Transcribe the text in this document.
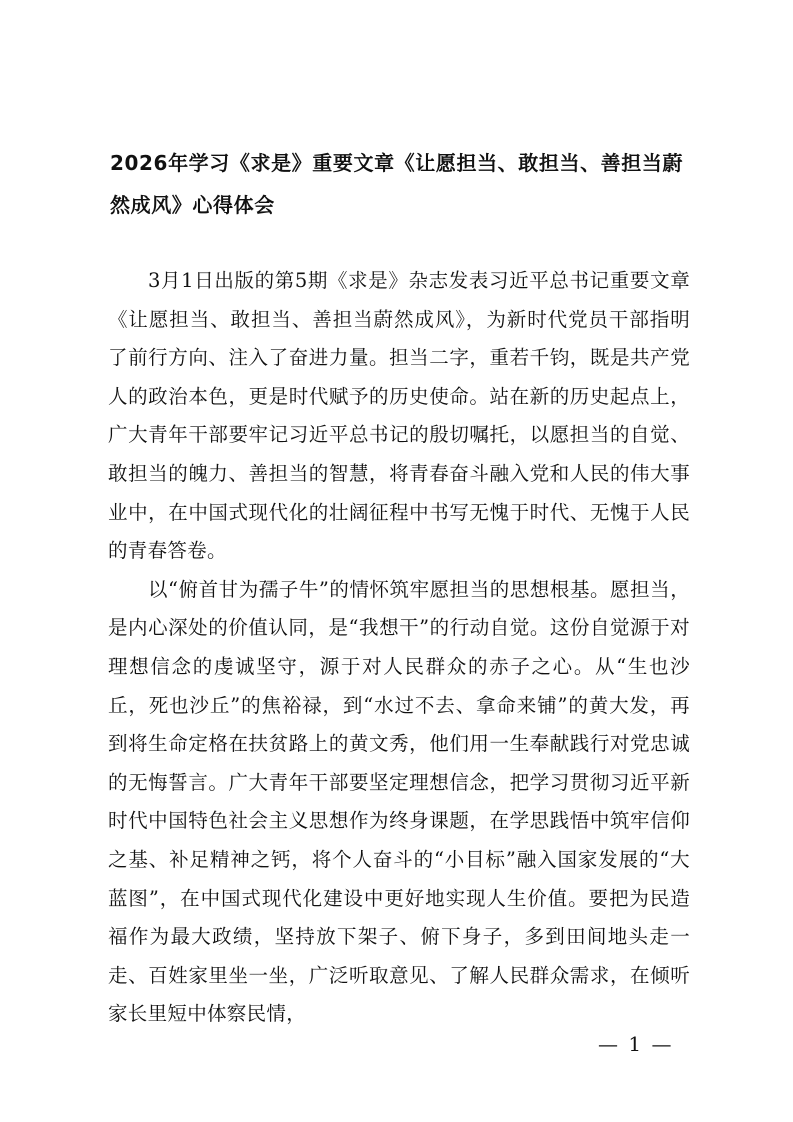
2026年学习《求是》重要文章《让愿担当、敢担当、善担当蔚然成风》心得体会

3月1日出版的第5期《求是》杂志发表习近平总书记重要文章《让愿担当、敢担当、善担当蔚然成风》，为新时代党员干部指明了前行方向、注入了奋进力量。担当二字，重若千钧，既是共产党人的政治本色，更是时代赋予的历史使命。站在新的历史起点上，广大青年干部要牢记习近平总书记的殷切嘱托，以愿担当的自觉、敢担当的魄力、善担当的智慧，将青春奋斗融入党和人民的伟大事业中，在中国式现代化的壮阔征程中书写无愧于时代、无愧于人民的青春答卷。

以“俯首甘为孺子牛”的情怀筑牢愿担当的思想根基。愿担当，是内心深处的价值认同，是“我想干”的行动自觉。这份自觉源于对理想信念的虔诚坚守，源于对人民群众的赤子之心。从“生也沙丘，死也沙丘”的焦裕禄，到“水过不去、拿命来铺”的黄大发，再到将生命定格在扶贫路上的黄文秀，他们用一生奉献践行对党忠诚的无悔誓言。广大青年干部要坚定理想信念，把学习贯彻习近平新时代中国特色社会主义思想作为终身课题，在学思践悟中筑牢信仰之基、补足精神之钙，将个人奋斗的“小目标”融入国家发展的“大蓝图”，在中国式现代化建设中更好地实现人生价值。要把为民造福作为最大政绩，坚持放下架子、俯下身子，多到田间地头走一走、百姓家里坐一坐，广泛听取意见、了解人民群众需求，在倾听家长里短中体察民情，

— 1 —
